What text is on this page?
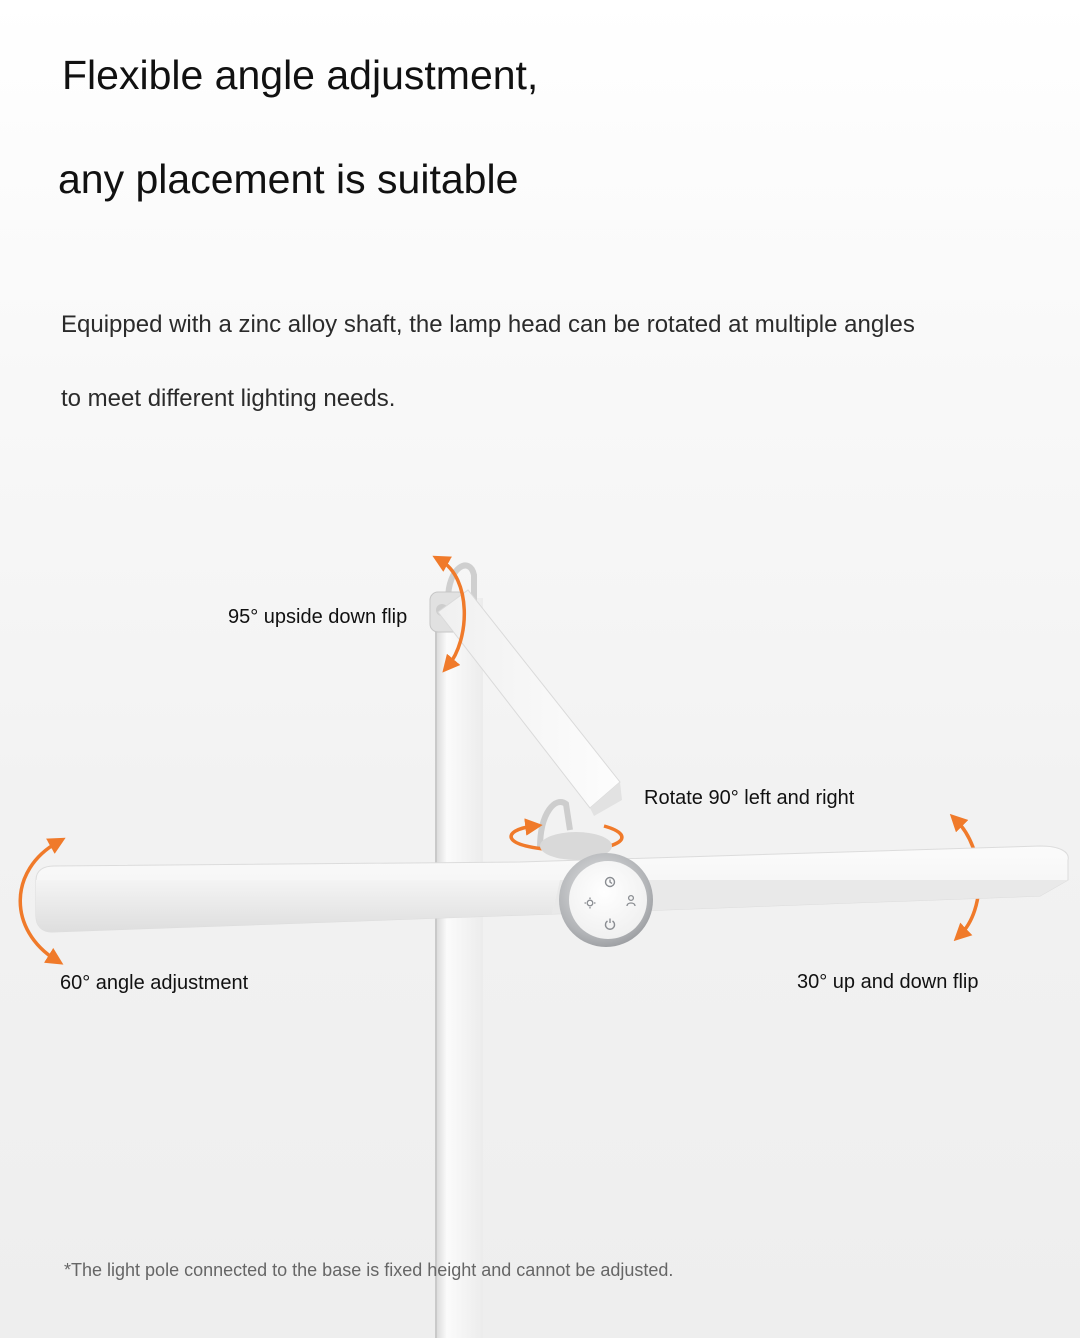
Flexible angle adjustment,
any placement is suitable

Equipped with a zinc alloy shaft, the lamp head can be rotated at multiple angles

to meet different lighting needs.

95° upside down flip
Rotate 90° left and right
60° angle adjustment	30° up and down flip
*The light pole connected to the base is fixed height and cannot be adjusted.
